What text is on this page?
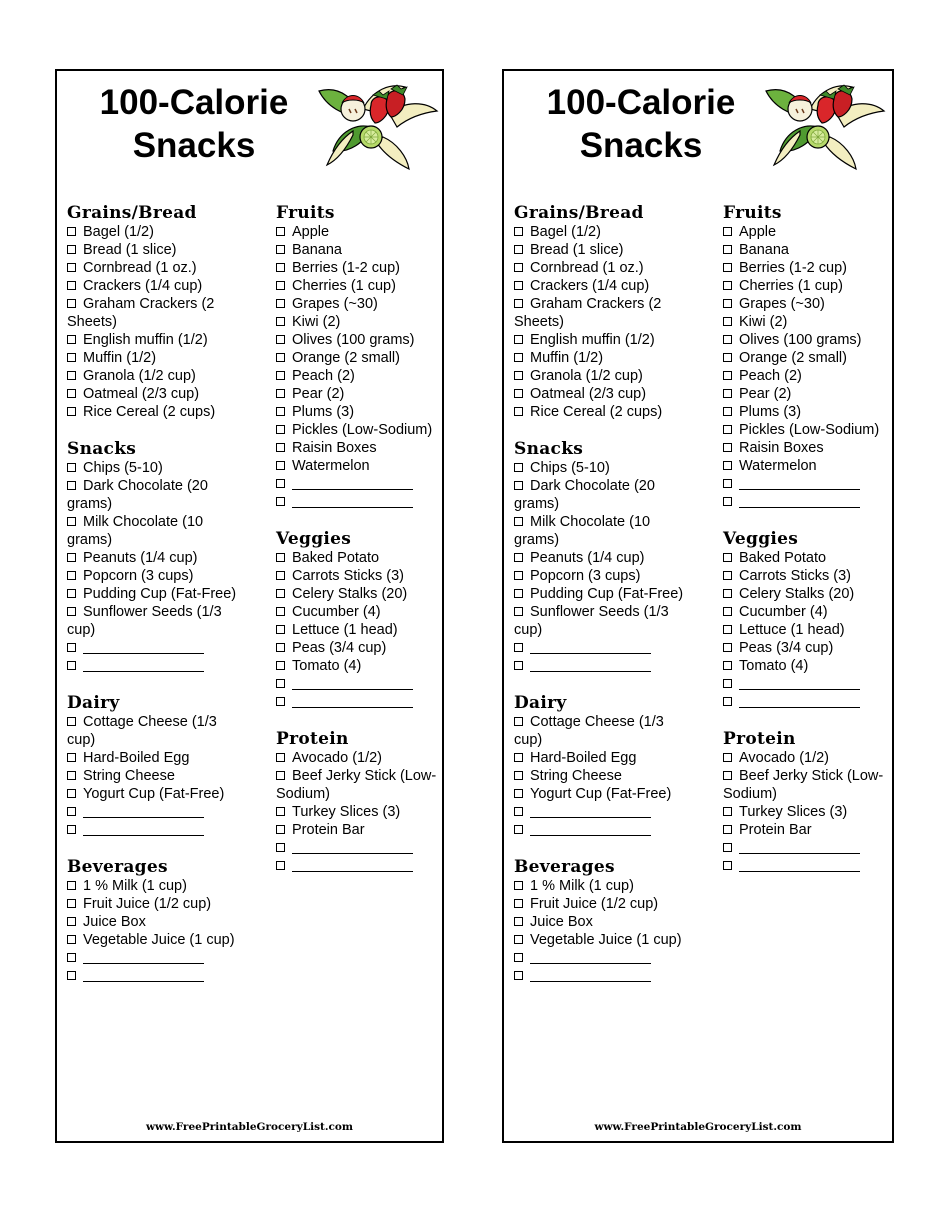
100-Calorie
Snacks
Grains/Bread
Bagel (1/2)
Bread (1 slice)
Cornbread (1 oz.)
Crackers (1/4 cup)
Graham Crackers (2 Sheets)
English muffin (1/2)
Muffin (1/2)
Granola (1/2 cup)
Oatmeal (2/3 cup)
Rice Cereal (2 cups)
Snacks
Chips (5-10)
Dark Chocolate (20 grams)
Milk Chocolate (10 grams)
Peanuts (1/4 cup)
Popcorn (3 cups)
Pudding Cup (Fat-Free)
Sunflower Seeds (1/3 cup)
Dairy
Cottage Cheese (1/3 cup)
Hard-Boiled Egg
String Cheese
Yogurt Cup (Fat-Free)
Beverages
1 % Milk (1 cup)
Fruit Juice (1/2 cup)
Juice Box
Vegetable Juice (1 cup)
Fruits
Apple
Banana
Berries (1-2 cup)
Cherries (1 cup)
Grapes (~30)
Kiwi (2)
Olives (100 grams)
Orange (2 small)
Peach (2)
Pear (2)
Plums (3)
Pickles (Low-Sodium)
Raisin Boxes
Watermelon
Veggies
Baked Potato
Carrots Sticks (3)
Celery Stalks (20)
Cucumber (4)
Lettuce (1 head)
Peas (3/4 cup)
Tomato (4)
Protein
Avocado (1/2)
Beef Jerky Stick (Low-Sodium)
Turkey Slices (3)
Protein Bar
www.FreePrintableGroceryList.com
100-Calorie
Snacks
Grains/Bread
Bagel (1/2)
Bread (1 slice)
Cornbread (1 oz.)
Crackers (1/4 cup)
Graham Crackers (2 Sheets)
English muffin (1/2)
Muffin (1/2)
Granola (1/2 cup)
Oatmeal (2/3 cup)
Rice Cereal (2 cups)
Snacks
Chips (5-10)
Dark Chocolate (20 grams)
Milk Chocolate (10 grams)
Peanuts (1/4 cup)
Popcorn (3 cups)
Pudding Cup (Fat-Free)
Sunflower Seeds (1/3 cup)
Dairy
Cottage Cheese (1/3 cup)
Hard-Boiled Egg
String Cheese
Yogurt Cup (Fat-Free)
Beverages
1 % Milk (1 cup)
Fruit Juice (1/2 cup)
Juice Box
Vegetable Juice (1 cup)
Fruits
Apple
Banana
Berries (1-2 cup)
Cherries (1 cup)
Grapes (~30)
Kiwi (2)
Olives (100 grams)
Orange (2 small)
Peach (2)
Pear (2)
Plums (3)
Pickles (Low-Sodium)
Raisin Boxes
Watermelon
Veggies
Baked Potato
Carrots Sticks (3)
Celery Stalks (20)
Cucumber (4)
Lettuce (1 head)
Peas (3/4 cup)
Tomato (4)
Protein
Avocado (1/2)
Beef Jerky Stick (Low-Sodium)
Turkey Slices (3)
Protein Bar
www.FreePrintableGroceryList.com
